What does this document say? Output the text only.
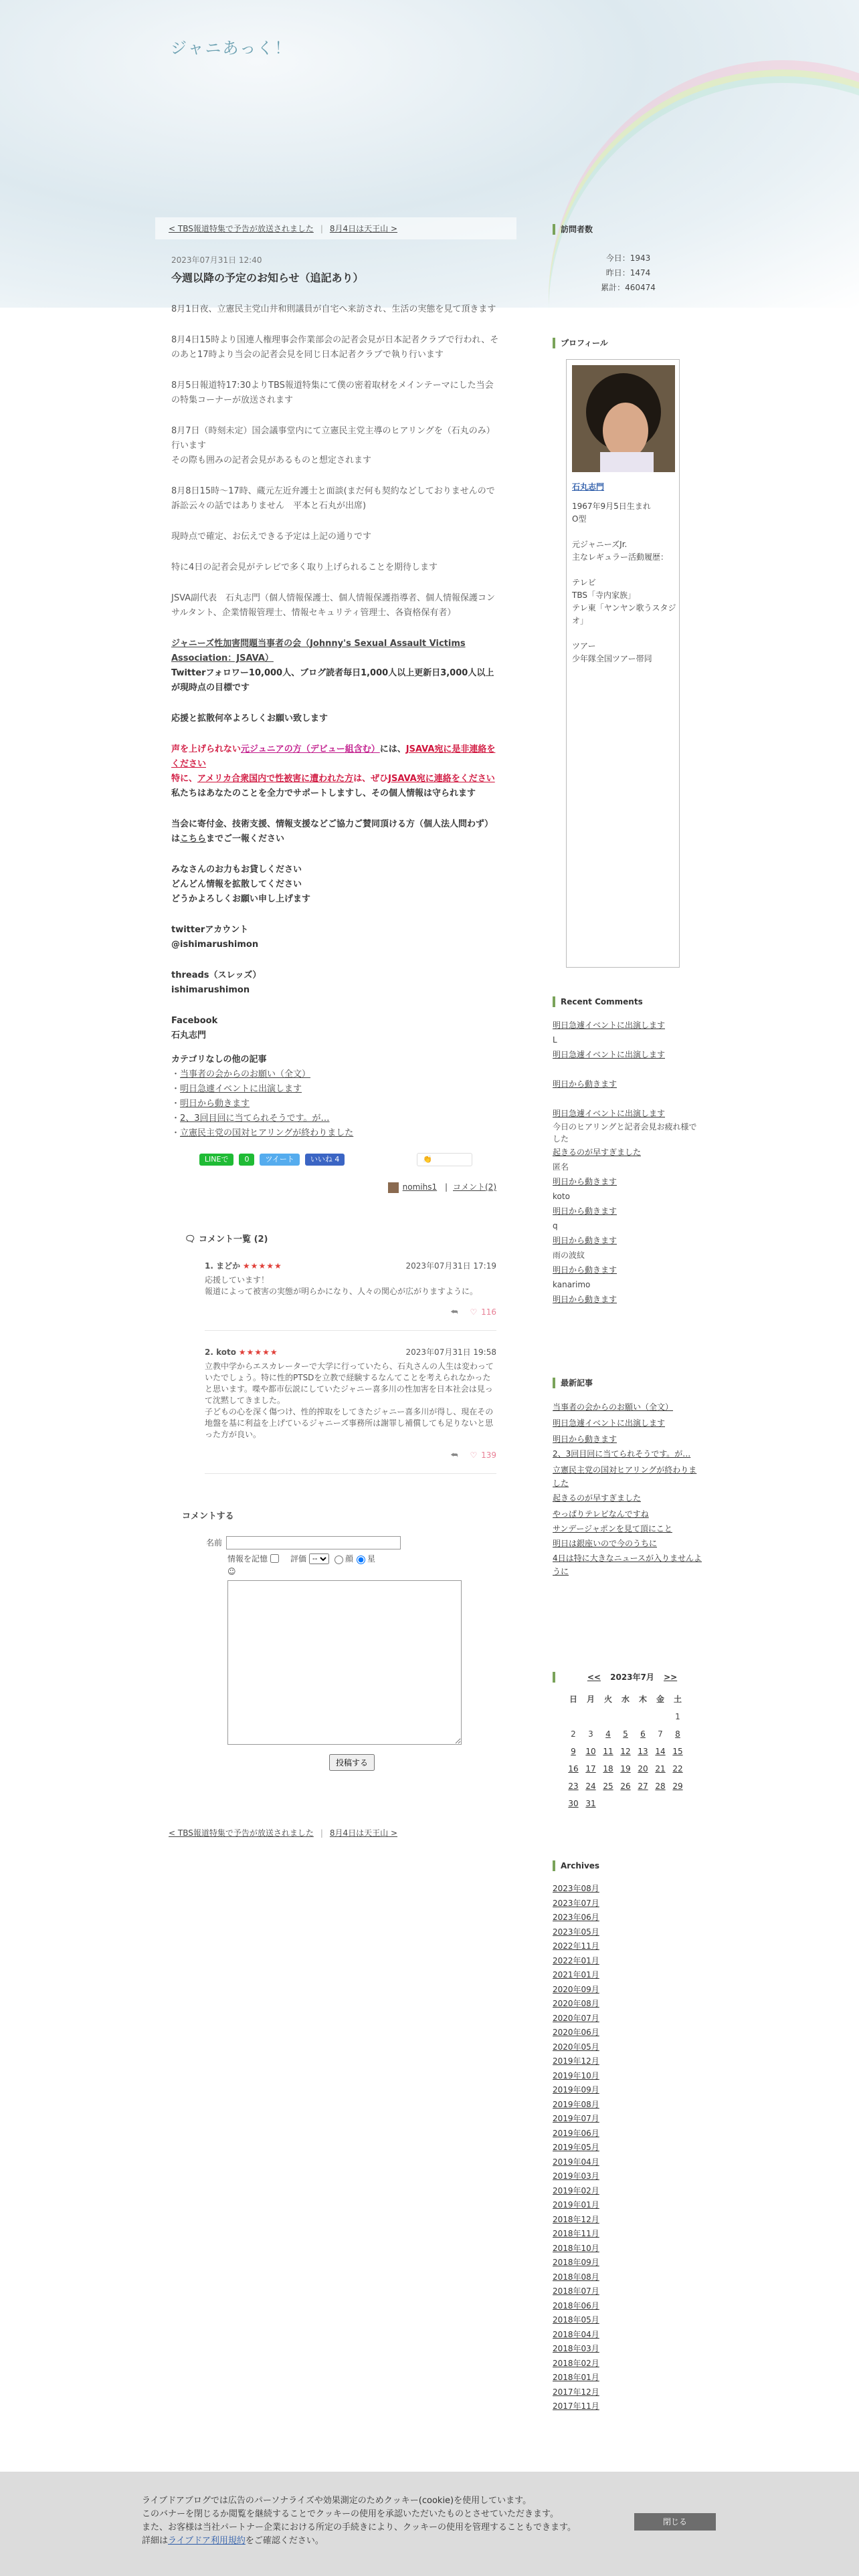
ジャニあっく！
< TBS報道特集で予告が放送されました | 8月4日は天王山 >
2023年07月31日 12:40
今週以降の予定のお知らせ（追記あり）

8月1日夜、立憲民主党山井和則議員が自宅へ来訪され、生活の実態を見て頂きます

8月4日15時より国連人権理事会作業部会の記者会見が日本記者クラブで行われ、そのあと17時より当会の記者会見を同じ日本記者クラブで執り行います

8月5日報道特17:30よりTBS報道特集にて僕の密着取材をメインテーマにした当会の特集コーナーが放送されます

8月7日（時刻未定）国会議事堂内にて立憲民主党主導のヒアリングを（石丸のみ）行います
その際も囲みの記者会見があるものと想定されます

8月8日15時〜17時、蔵元左近弁護士と面談(まだ何も契約などしておりませんので訴訟云々の話ではありません　平本と石丸が出席)

現時点で確定、お伝えできる予定は上記の通りです

特に4日の記者会見がテレビで多く取り上げられることを期待します

JSVA副代表　石丸志門（個人情報保護士、個人情報保護指導者、個人情報保護コンサルタント、企業情報管理士、情報セキュリティ管理士、各資格保有者）

ジャニーズ性加害問題当事者の会（Johnny's Sexual Assault Victims Association：JSAVA）

Twitterフォロワー10,000人、ブログ読者毎日1,000人以上更新日3,000人以上が現時点の目標です

応援と拡散何卒よろしくお願い致します

声を上げられない元ジュニアの方（デビュー組含む）には、JSAVA宛に是非連絡をください
特に、アメリカ合衆国内で性被害に遭われた方は、ぜひJSAVA宛に連絡をください

私たちはあなたのことを全力でサポートしますし、その個人情報は守られます

当会に寄付金、技術支援、情報支援などご協力ご賛同頂ける方（個人法人問わず）はこちらまでご一報ください

みなさんのお力もお貸しください
どんどん情報を拡散してください
どうかよろしくお願い申し上げます

twitterアカウント
@ishimarushimon

threads（スレッズ）
ishimarushimon

Facebook
石丸志門

カテゴリなしの他の記事
・当事者の会からのお願い（全文）
・明日急遽イベントに出演します
・明日から動きます
・2、3回目回に当てられそうです。が…
・立憲民主党の国対ヒアリングが終わりました
LINEで	0	ツイート	いいね 4	👏 1,530
nomihs1 | コメント(2)
🗨 コメント一覧 (2)
1. まどか ★★★★★	2023年07月31日 17:19
応援しています！
報道によって被害の実態が明らかになり、人々の関心が広がりますように。
⮪ ♡ 116
2. koto ★★★★★	2023年07月31日 19:58
立教中学からエスカレーターで大学に行っていたら、石丸さんの人生は変わっていたでしょう。特に性的PTSDを立教で経験するなんてことを考えられなかったと思います。喋や都市伝説にしていたジャニー喜多川の性加害を日本社会は見って沈黙してきました。
子どもの心を深く傷つけ、性的搾取をしてきたジャニー喜多川が得し、現在その地盤を基に利益を上げているジャニーズ事務所は謝罪し補償しても足りないと思った方が良い。
⮪ ♡ 139
コメントする
名前
情報を記憶	評価
--	顔 星
☺
投稿する
< TBS報道特集で予告が放送されました | 8月4日は天王山 >
訪問者数
今日：1943
昨日：1474
累計：460474
プロフィール
石丸志門
1967年9月5日生まれ
O型
元ジャニーズJr.
主なレギュラー活動履歴：
テレビ
TBS「寺内家族」
テレ東「ヤンヤン歌うスタジオ」
ツアー
少年隊全国ツアー帯同
Recent Comments
明日急遽イベントに出演します
L
明日急遽イベントに出演します

明日から動きます

明日急遽イベントに出演します
今日のヒアリングと記者会見お疲れ様でした
起きるのが早すぎました
匿名
明日から動きます
koto
明日から動きます
q
明日から動きます
雨の波紋
明日から動きます
kanarimo
明日から動きます
最新記事
当事者の会からのお願い（全文）
明日急遽イベントに出演します
明日から動きます
2、3回目回に当てられそうです。が…
立憲民主党の国対ヒアリングが終わりました
起きるのが早すぎました
やっぱりテレビなんですね
サンデージャポンを見て頂にこと
明日は銀座いので今のうちに
4日は特に大きなニュースが入りませんように
<< 2023年7月 >>
日	月	火	水	木	金	土
						1
2	3	4	5	6	7	8
9	10	11	12	13	14	15
16	17	18	19	20	21	22
23	24	25	26	27	28	29
30	31					
Archives
2023年08月
2023年07月
2023年06月
2023年05月
2022年11月
2022年01月
2021年01月
2020年09月
2020年08月
2020年07月
2020年06月
2020年05月
2019年12月
2019年10月
2019年09月
2019年08月
2019年07月
2019年06月
2019年05月
2019年04月
2019年03月
2019年02月
2019年01月
2018年12月
2018年11月
2018年10月
2018年09月
2018年08月
2018年07月
2018年06月
2018年05月
2018年04月
2018年03月
2018年02月
2018年01月
2017年12月
2017年11月
ライブドアブログでは広告のパーソナライズや効果測定のためクッキー(cookie)を使用しています。
このバナーを閉じるか閲覧を継続することでクッキーの使用を承認いただいたものとさせていただきます。
また、お客様は当社パートナー企業における所定の手続きにより、クッキーの使用を管理することもできます。
詳細はライブドア利用規約をご確認ください。
閉じる
